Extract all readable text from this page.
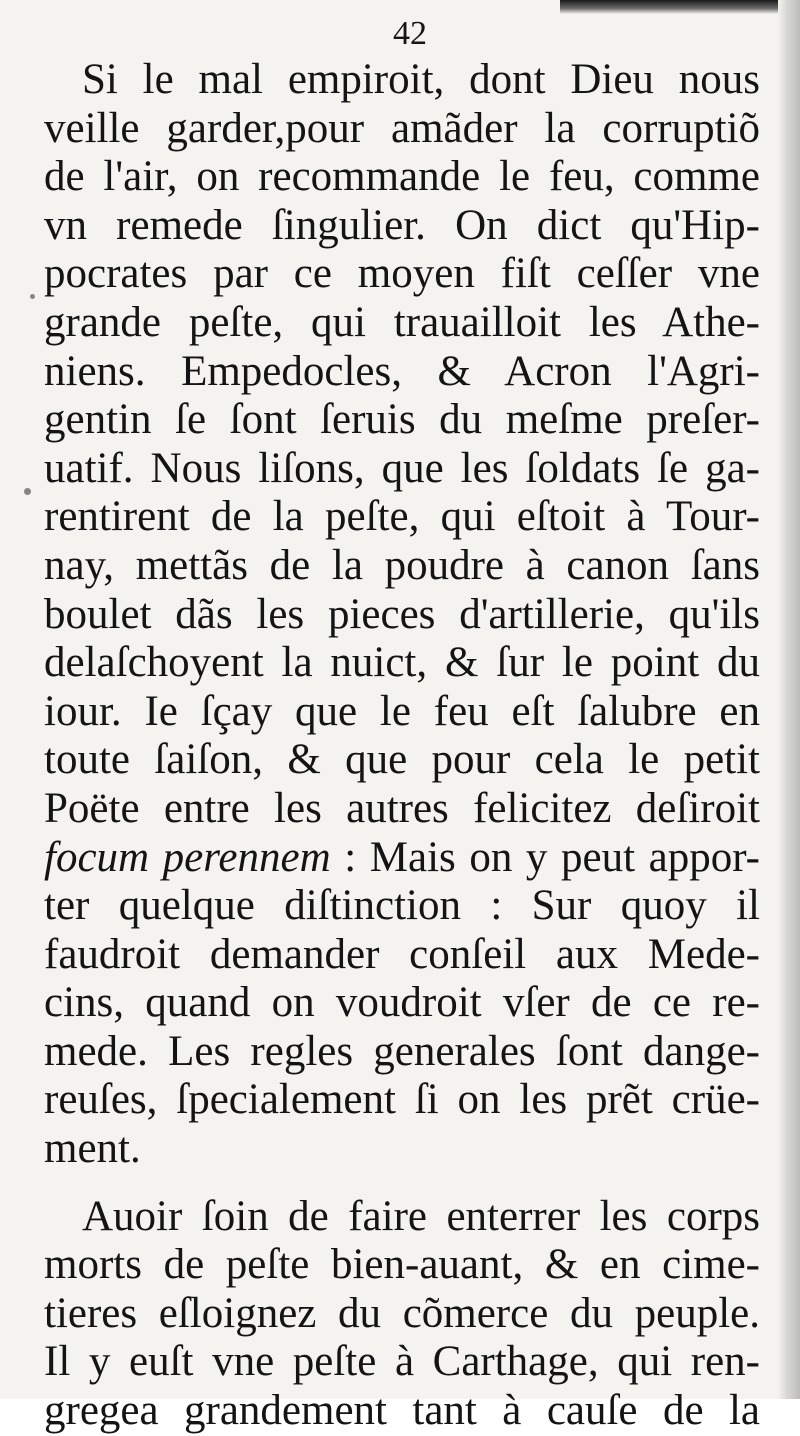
42
Si le mal empiroit, dont Dieu nous
veille garder,pour amãder la corruptiõ
de l'air, on recommande le feu, comme
vn remede ſingulier. On dict qu'Hip-
pocrates par ce moyen fiſt ceſſer vne
grande peſte, qui trauailloit les Athe-
niens. Empedocles, & Acron l'Agri-
gentin ſe ſont ſeruis du meſme preſer-
uatif. Nous liſons, que les ſoldats ſe ga-
rentirent de la peſte, qui eſtoit à Tour-
nay, mettãs de la poudre à canon ſans
boulet dãs les pieces d'artillerie, qu'ils
delaſchoyent la nuict, & ſur le point du
iour. Ie ſçay que le feu eſt ſalubre en
toute ſaiſon, & que pour cela le petit
Poëte entre les autres felicitez deſiroit
focum perennem : Mais on y peut appor-
ter quelque diſtinction : Sur quoy il
faudroit demander conſeil aux Mede-
cins, quand on voudroit vſer de ce re-
mede. Les regles generales ſont dange-
reuſes, ſpecialement ſi on les prẽt crüe-
ment.
Auoir ſoin de faire enterrer les corps
morts de peſte bien-auant, & en cime-
tieres eſloignez du cõmerce du peuple.
Il y euſt vne peſte à Carthage, qui ren-
gregea grandement tant à cauſe de la
